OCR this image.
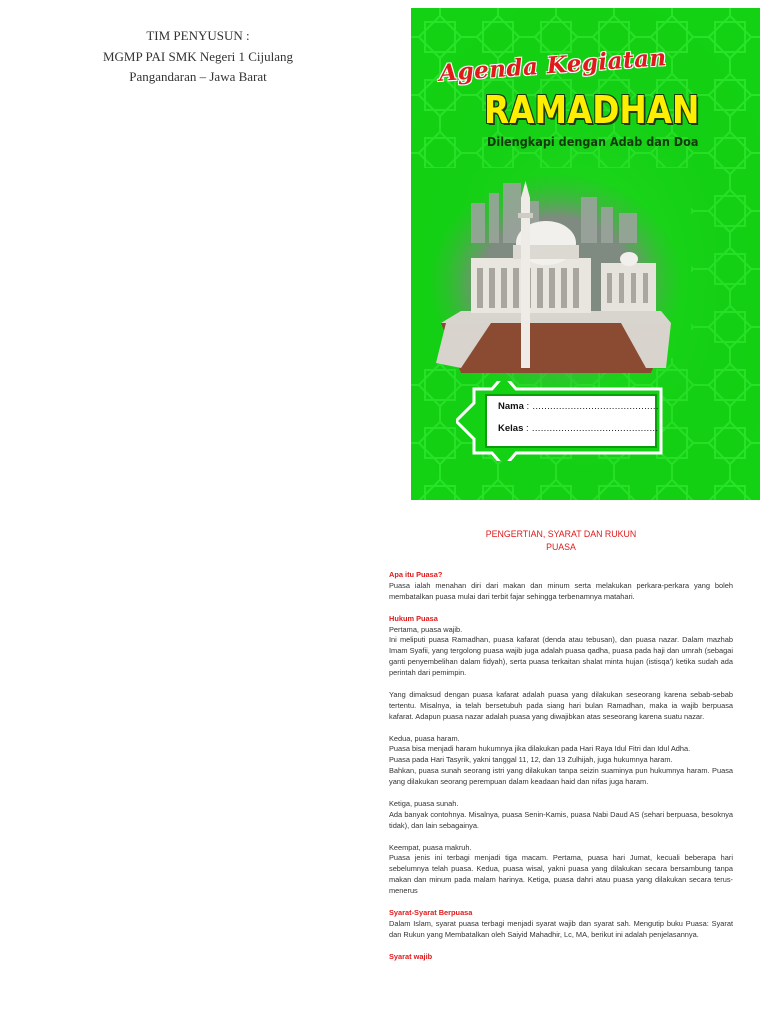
TIM PENYUSUN :
MGMP PAI SMK Negeri 1 Cijulang
Pangandaran – Jawa Barat	Agenda Kegiatan
RAMADHAN
Dilengkapi dengan Adab dan Doa
Nama : ...........................................
Kelas : ...........................................
PENGERTIAN, SYARAT DAN RUKUN
PUASA

Apa itu Puasa?
Puasa ialah menahan diri dari makan dan minum serta melakukan perkara-perkara yang boleh membatalkan puasa mulai dari terbit fajar sehingga terbenamnya matahari.

Hukum Puasa
Pertama, puasa wajib.
Ini meliputi puasa Ramadhan, puasa kafarat (denda atau tebusan), dan puasa nazar. Dalam mazhab Imam Syafii, yang tergolong puasa wajib juga adalah puasa qadha, puasa pada haji dan umrah (sebagai ganti penyembelihan dalam fidyah), serta puasa terkaitan shalat minta hujan (istisqa') ketika sudah ada perintah dari pemimpin.

Yang dimaksud dengan puasa kafarat adalah puasa yang dilakukan seseorang karena sebab-sebab tertentu. Misalnya, ia telah bersetubuh pada siang hari bulan Ramadhan, maka ia wajib berpuasa kafarat. Adapun puasa nazar adalah puasa yang diwajibkan atas seseorang karena suatu nazar.

Kedua, puasa haram.
Puasa bisa menjadi haram hukumnya jika dilakukan pada Hari Raya Idul Fitri dan Idul Adha.
Puasa pada Hari Tasyrik, yakni tanggal 11, 12, dan 13 Zulhijah, juga hukumnya haram.
Bahkan, puasa sunah seorang istri yang dilakukan tanpa seizin suaminya pun hukumnya haram. Puasa yang dilakukan seorang perempuan dalam keadaan haid dan nifas juga haram.

Ketiga, puasa sunah.
Ada banyak contohnya. Misalnya, puasa Senin-Kamis, puasa Nabi Daud AS (sehari berpuasa, besoknya tidak), dan lain sebagainya.

Keempat, puasa makruh.
Puasa jenis ini terbagi menjadi tiga macam. Pertama, puasa hari Jumat, kecuali beberapa hari sebelumnya telah puasa. Kedua, puasa wisal, yakni puasa yang dilakukan secara bersambung tanpa makan dan minum pada malam harinya. Ketiga, puasa dahri atau puasa yang dilakukan secara terus-menerus

Syarat-Syarat Berpuasa
Dalam Islam, syarat puasa terbagi menjadi syarat wajib dan syarat sah. Mengutip buku Puasa: Syarat dan Rukun yang Membatalkan oleh Saiyid Mahadhir, Lc, MA, berikut ini adalah penjelasannya.

Syarat wajib
